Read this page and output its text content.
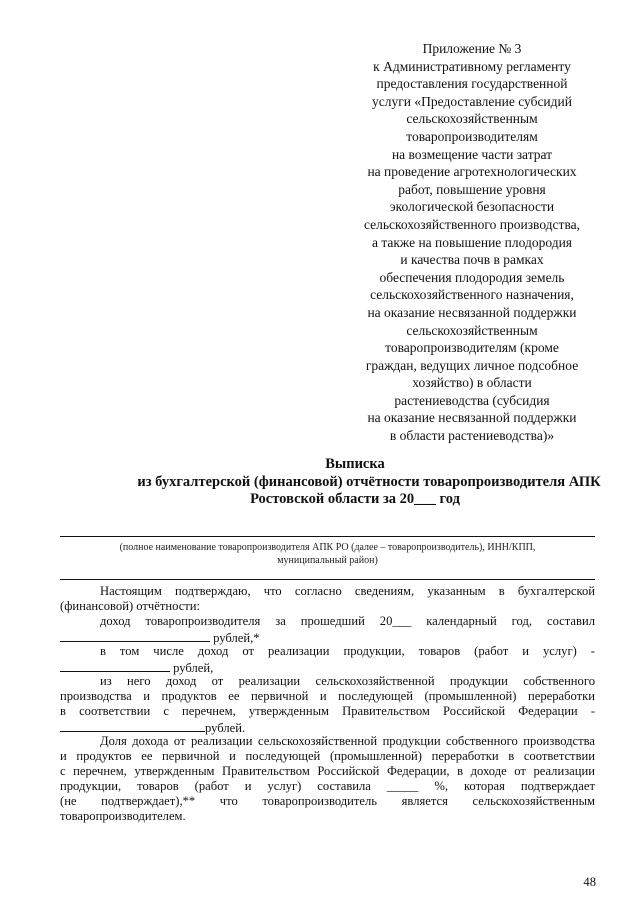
Приложение № 3
к Административному регламенту
предоставления государственной
услуги «Предоставление субсидий
сельскохозяйственным
товаропроизводителям
на возмещение части затрат
на проведение агротехнологических
работ, повышение уровня
экологической безопасности
сельскохозяйственного производства,
а также на повышение плодородия
и качества почв в рамках
обеспечения плодородия земель
сельскохозяйственного назначения,
на оказание несвязанной поддержки
сельскохозяйственным
товаропроизводителям (кроме
граждан, ведущих личное подсобное
хозяйство) в области
растениеводства (субсидия
на оказание несвязанной поддержки
в области растениеводства)»
Выписка
из бухгалтерской (финансовой) отчётности товаропроизводителя АПК
Ростовской области за 20___ год
(полное наименование товаропроизводителя АПК РО (далее – товаропроизводитель), ИНН/КПП,
муниципальный район)
Настоящим подтверждаю, что согласно сведениям, указанным в бухгалтерской
(финансовой) отчётности:
доход товаропроизводителя за прошедший 20___ календарный год, составил
рублей,*
в том числе доход от реализации продукции, товаров (работ и услуг) -
рублей,
из него доход от реализации сельскохозяйственной продукции собственного
производства и продуктов ее первичной и последующей (промышленной) переработки
в соответствии с перечнем, утвержденным Правительством Российской Федерации -
рублей.
Доля дохода от реализации сельскохозяйственной продукции собственного производства
и продуктов ее первичной и последующей (промышленной) переработки в соответствии
с перечнем, утвержденным Правительством Российской Федерации, в доходе от реализации
продукции, товаров (работ и услуг) составила _____ %, которая подтверждает
(не подтверждает),** что товаропроизводитель является сельскохозяйственным
товаропроизводителем.
48
